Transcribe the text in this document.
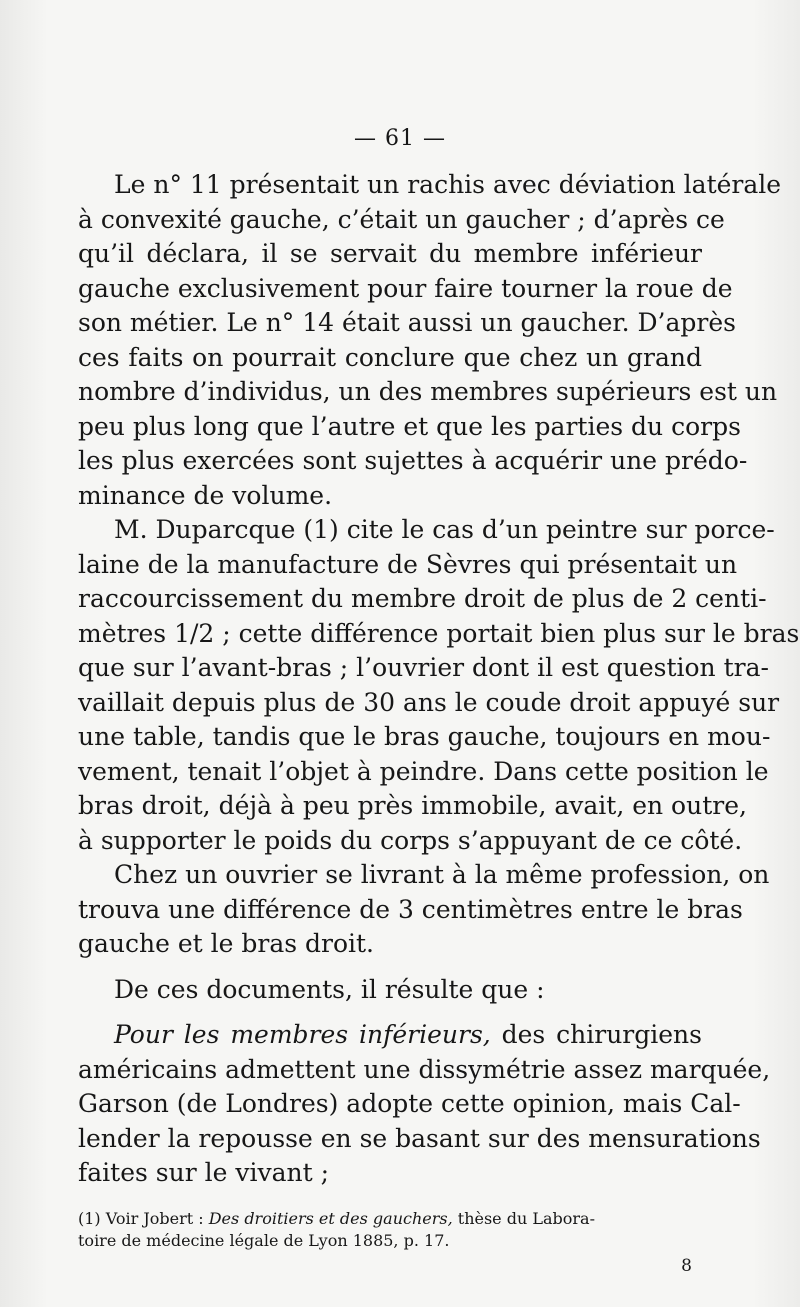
— 61 —
Le n° 11 présentait un rachis avec déviation latérale
à convexité gauche, c’était un gaucher ; d’après ce
qu’il déclara, il se servait du membre inférieur
gauche exclusivement pour faire tourner la roue de
son métier. Le n° 14 était aussi un gaucher. D’après
ces faits on pourrait conclure que chez un grand
nombre d’individus, un des membres supérieurs est un
peu plus long que l’autre et que les parties du corps
les plus exercées sont sujettes à acquérir une prédo-
minance de volume.
M. Duparcque (1) cite le cas d’un peintre sur porce-
laine de la manufacture de Sèvres qui présentait un
raccourcissement du membre droit de plus de 2 centi-
mètres 1/2 ; cette différence portait bien plus sur le bras
que sur l’avant-bras ; l’ouvrier dont il est question tra-
vaillait depuis plus de 30 ans le coude droit appuyé sur
une table, tandis que le bras gauche, toujours en mou-
vement, tenait l’objet à peindre. Dans cette position le
bras droit, déjà à peu près immobile, avait, en outre,
à supporter le poids du corps s’appuyant de ce côté.
Chez un ouvrier se livrant à la même profession, on
trouva une différence de 3 centimètres entre le bras
gauche et le bras droit.
De ces documents, il résulte que :
Pour les membres inférieurs, des chirurgiens
américains admettent une dissymétrie assez marquée,
Garson (de Londres) adopte cette opinion, mais Cal-
lender la repousse en se basant sur des mensurations
faites sur le vivant ;
(1) Voir Jobert : Des droitiers et des gauchers, thèse du Labora-
toire de médecine légale de Lyon 1885, p. 17.
8
